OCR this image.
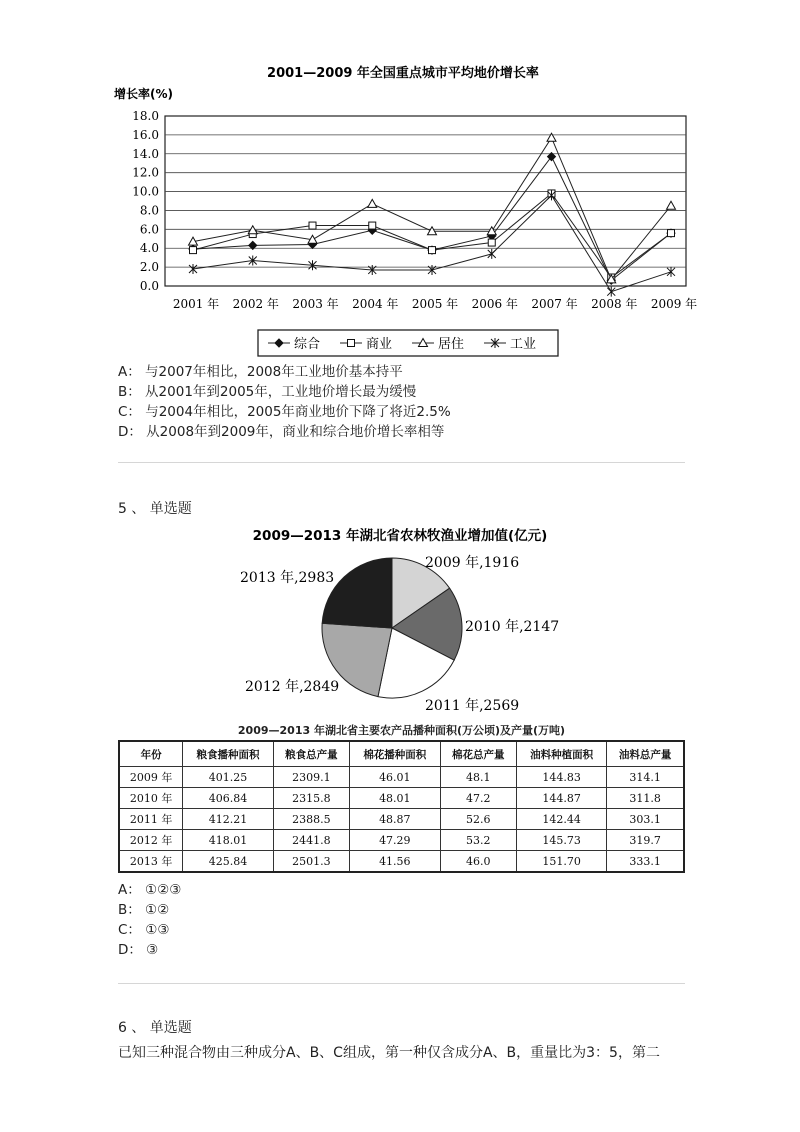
2001—2009 年全国重点城市平均地价增长率
增长率(%)
18.0
16.0
14.0
12.0
10.0
8.0
6.0
4.0
2.0
0.0
2001 年 2002 年 2003 年 2004 年 2005 年 2006 年 2007 年 2008 年 2009 年
综合	商业	居住	工业
A： 与2007年相比，2008年工业地价基本持平
B： 从2001年到2005年，工业地价增长最为缓慢
C： 与2004年相比，2005年商业地价下降了将近2.5%
D： 从2008年到2009年，商业和综合地价增长率相等
5 、 单选题
2009—2013 年湖北省农林牧渔业增加值(亿元)
2009 年,1916
2010 年,2147
2011 年,2569
2012 年,2849
2013 年,2983
2009—2013 年湖北省主要农产品播种面积(万公顷)及产量(万吨)
年份	粮食播种面积	粮食总产量	棉花播种面积	棉花总产量	油料种植面积	油料总产量
2009 年	401.25	2309.1	46.01	48.1	144.83	314.1
2010 年	406.84	2315.8	48.01	47.2	144.87	311.8
2011 年	412.21	2388.5	48.87	52.6	142.44	303.1
2012 年	418.01	2441.8	47.29	53.2	145.73	319.7
2013 年	425.84	2501.3	41.56	46.0	151.70	333.1
A： ①②③
B： ①②
C： ①③
D： ③
6 、 单选题
已知三种混合物由三种成分A、B、C组成，第一种仅含成分A、B，重量比为3：5，第二
